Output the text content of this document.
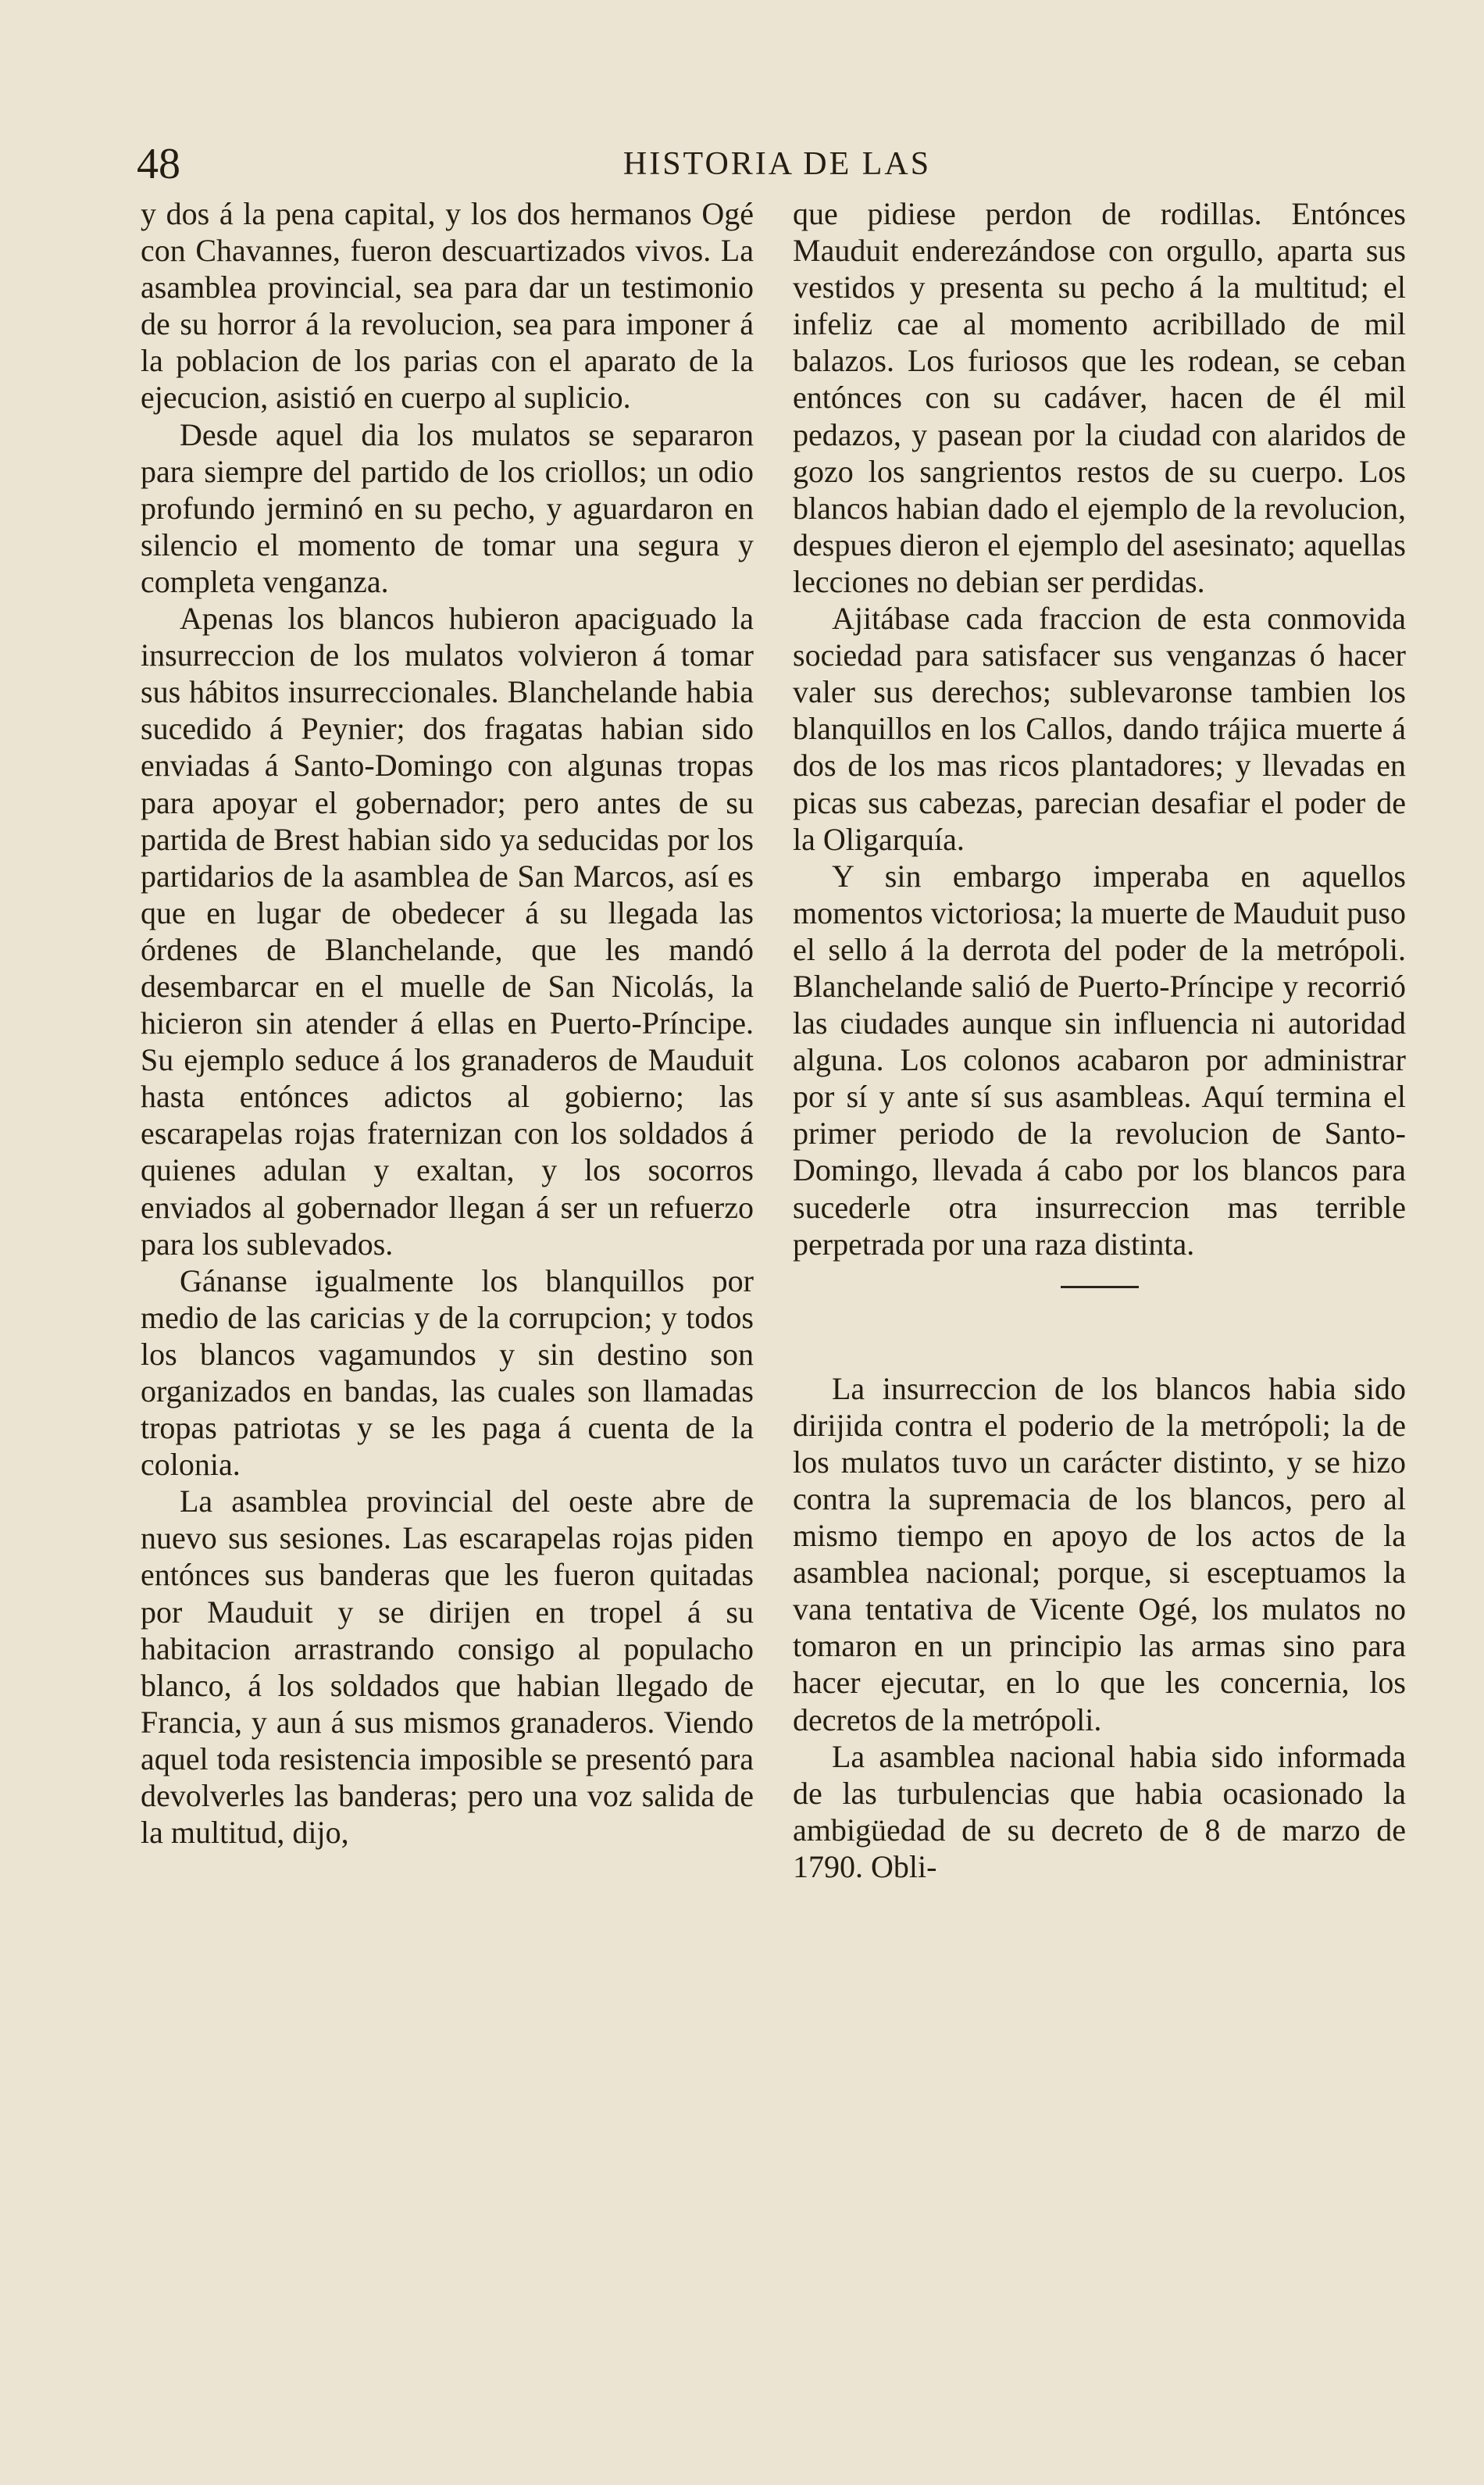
48	HISTORIA DE LAS

y dos á la pena capital, y los dos hermanos Ogé con Chavannes, fueron descuartizados vivos. La asamblea provincial, sea para dar un testimonio de su horror á la revolucion, sea para imponer á la poblacion de los parias con el aparato de la ejecucion, asistió en cuerpo al suplicio.

Desde aquel dia los mulatos se separaron para siempre del partido de los criollos; un odio profundo jerminó en su pecho, y aguardaron en silencio el momento de tomar una segura y completa venganza.

Apenas los blancos hubieron apaciguado la insurreccion de los mulatos volvieron á tomar sus hábitos insurreccionales. Blanchelande habia sucedido á Peynier; dos fragatas habian sido enviadas á Santo-Domingo con algunas tropas para apoyar el gobernador; pero antes de su partida de Brest habian sido ya seducidas por los partidarios de la asamblea de San Marcos, así es que en lugar de obedecer á su llegada las órdenes de Blanchelande, que les mandó desembarcar en el muelle de San Nicolás, la hicieron sin atender á ellas en Puerto-Príncipe. Su ejemplo seduce á los granaderos de Mauduit hasta entónces adictos al gobierno; las escarapelas rojas fraternizan con los soldados á quienes adulan y exaltan, y los socorros enviados al gobernador llegan á ser un refuerzo para los sublevados.

Gánanse igualmente los blanquillos por medio de las caricias y de la corrupcion; y todos los blancos vagamundos y sin destino son organizados en bandas, las cuales son llamadas tropas patriotas y se les paga á cuenta de la colonia.

La asamblea provincial del oeste abre de nuevo sus sesiones. Las escarapelas rojas piden entónces sus banderas que les fueron quitadas por Mauduit y se dirijen en tropel á su habitacion arrastrando consigo al populacho blanco, á los soldados que habian llegado de Francia, y aun á sus mismos granaderos. Viendo aquel toda resistencia imposible se presentó para devolverles las banderas; pero una voz salida de la multitud, dijo,

que pidiese perdon de rodillas. Entónces Mauduit enderezándose con orgullo, aparta sus vestidos y presenta su pecho á la multitud; el infeliz cae al momento acribillado de mil balazos. Los furiosos que les rodean, se ceban entónces con su cadáver, hacen de él mil pedazos, y pasean por la ciudad con alaridos de gozo los sangrientos restos de su cuerpo. Los blancos habian dado el ejemplo de la revolucion, despues dieron el ejemplo del asesinato; aquellas lecciones no debian ser perdidas.

Ajitábase cada fraccion de esta conmovida sociedad para satisfacer sus venganzas ó hacer valer sus derechos; sublevaronse tambien los blanquillos en los Callos, dando trájica muerte á dos de los mas ricos plantadores; y llevadas en picas sus cabezas, parecian desafiar el poder de la Oligarquía.

Y sin embargo imperaba en aquellos momentos victoriosa; la muerte de Mauduit puso el sello á la derrota del poder de la metrópoli. Blanchelande salió de Puerto-Príncipe y recorrió las ciudades aunque sin influencia ni autoridad alguna. Los colonos acabaron por administrar por sí y ante sí sus asambleas. Aquí termina el primer periodo de la revolucion de Santo-Domingo, llevada á cabo por los blancos para sucederle otra insurreccion mas terrible perpetrada por una raza distinta.

La insurreccion de los blancos habia sido dirijida contra el poderio de la metrópoli; la de los mulatos tuvo un carácter distinto, y se hizo contra la supremacia de los blancos, pero al mismo tiempo en apoyo de los actos de la asamblea nacional; porque, si esceptuamos la vana tentativa de Vicente Ogé, los mulatos no tomaron en un principio las armas sino para hacer ejecutar, en lo que les concernia, los decretos de la metrópoli.

La asamblea nacional habia sido informada de las turbulencias que habia ocasionado la ambigüedad de su decreto de 8 de marzo de 1790. Obli-
